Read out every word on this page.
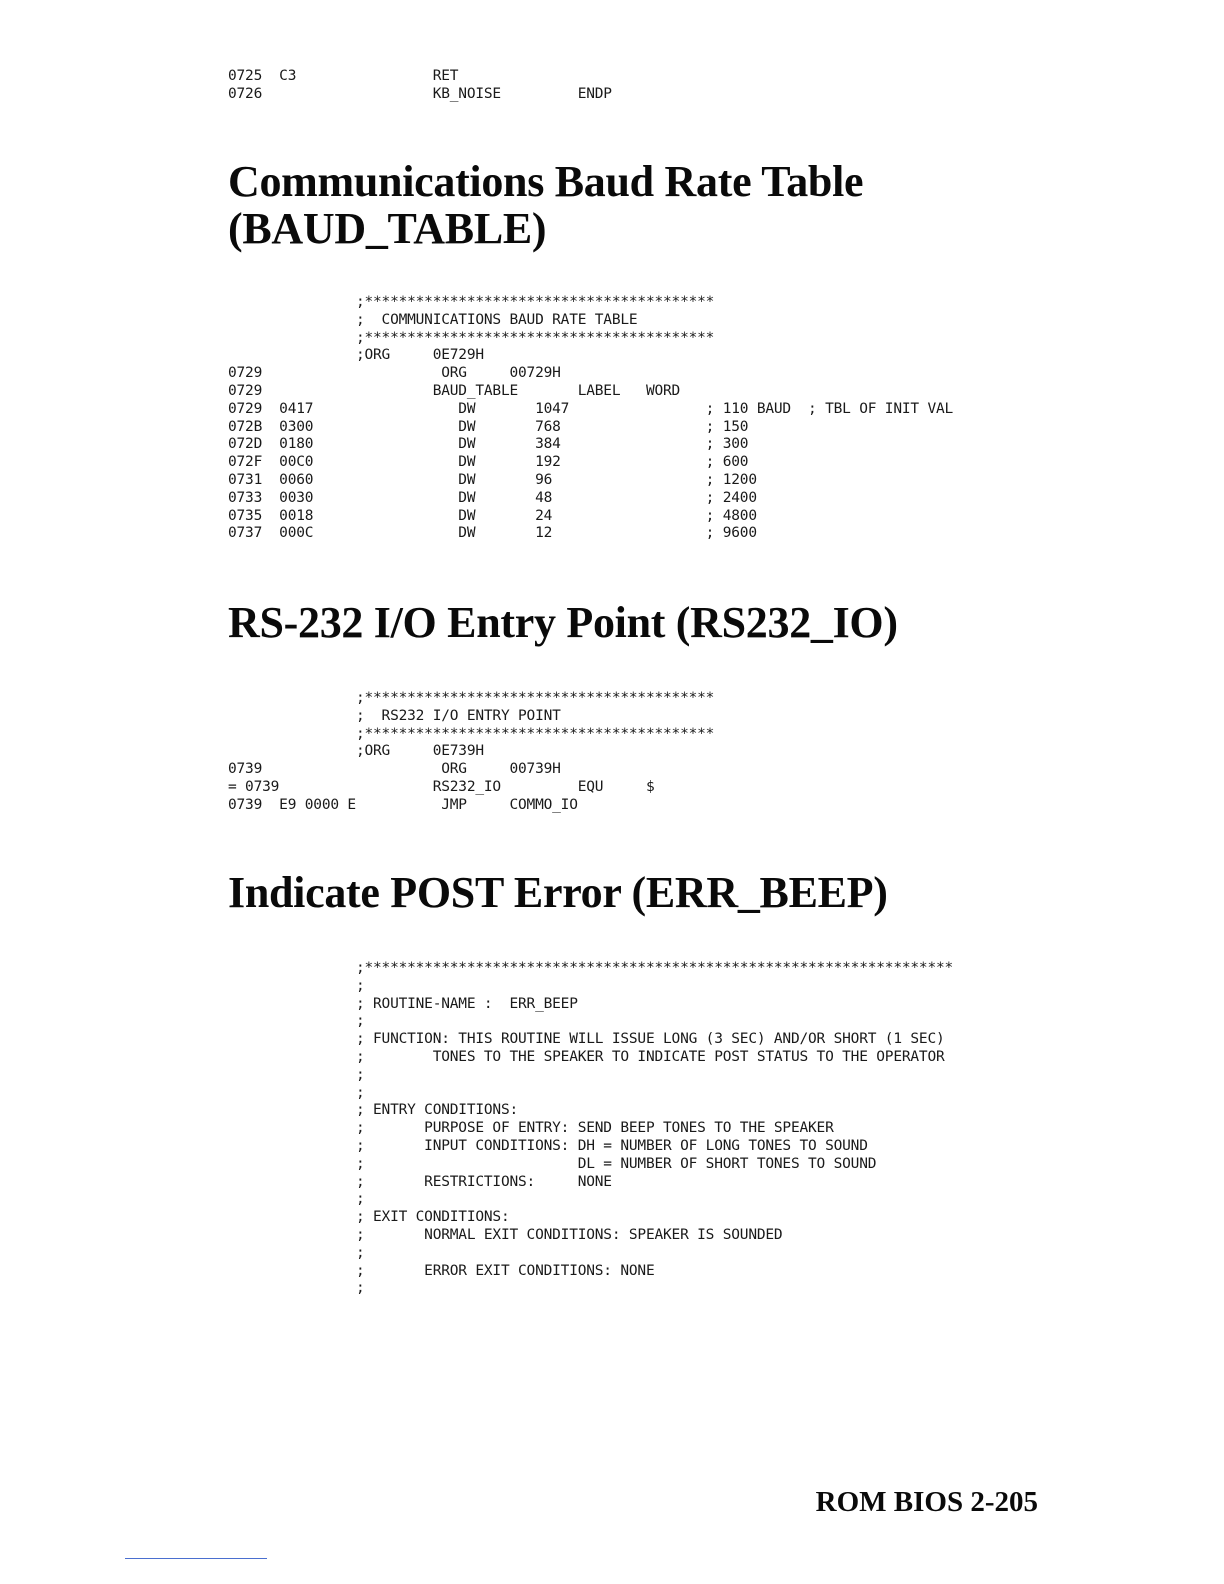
0725  C3                RET
0726                    KB_NOISE         ENDP
Communications Baud Rate Table
(BAUD_TABLE)
;*****************************************
;  COMMUNICATIONS BAUD RATE TABLE
;*****************************************
;ORG     0E729H
0729                     ORG     00729H
0729                    BAUD_TABLE       LABEL   WORD
0729  0417                 DW       1047                ; 110 BAUD  ; TBL OF INIT VAL
072B  0300                 DW       768                 ; 150
072D  0180                 DW       384                 ; 300
072F  00C0                 DW       192                 ; 600
0731  0060                 DW       96                  ; 1200
0733  0030                 DW       48                  ; 2400
0735  0018                 DW       24                  ; 4800
0737  000C                 DW       12                  ; 9600
RS-232 I/O Entry Point (RS232_IO)
;*****************************************
;  RS232 I/O ENTRY POINT
;*****************************************
;ORG     0E739H
0739                     ORG     00739H
= 0739                  RS232_IO         EQU     $
0739  E9 0000 E          JMP     COMMO_IO
Indicate POST Error (ERR_BEEP)
;*********************************************************************
;
; ROUTINE-NAME :  ERR_BEEP
;
; FUNCTION: THIS ROUTINE WILL ISSUE LONG (3 SEC) AND/OR SHORT (1 SEC)
;        TONES TO THE SPEAKER TO INDICATE POST STATUS TO THE OPERATOR
;
;
; ENTRY CONDITIONS:
;       PURPOSE OF ENTRY: SEND BEEP TONES TO THE SPEAKER
;       INPUT CONDITIONS: DH = NUMBER OF LONG TONES TO SOUND
;                         DL = NUMBER OF SHORT TONES TO SOUND
;       RESTRICTIONS:     NONE
;
; EXIT CONDITIONS:
;       NORMAL EXIT CONDITIONS: SPEAKER IS SOUNDED
;
;       ERROR EXIT CONDITIONS: NONE
;

ROM BIOS 2-205
